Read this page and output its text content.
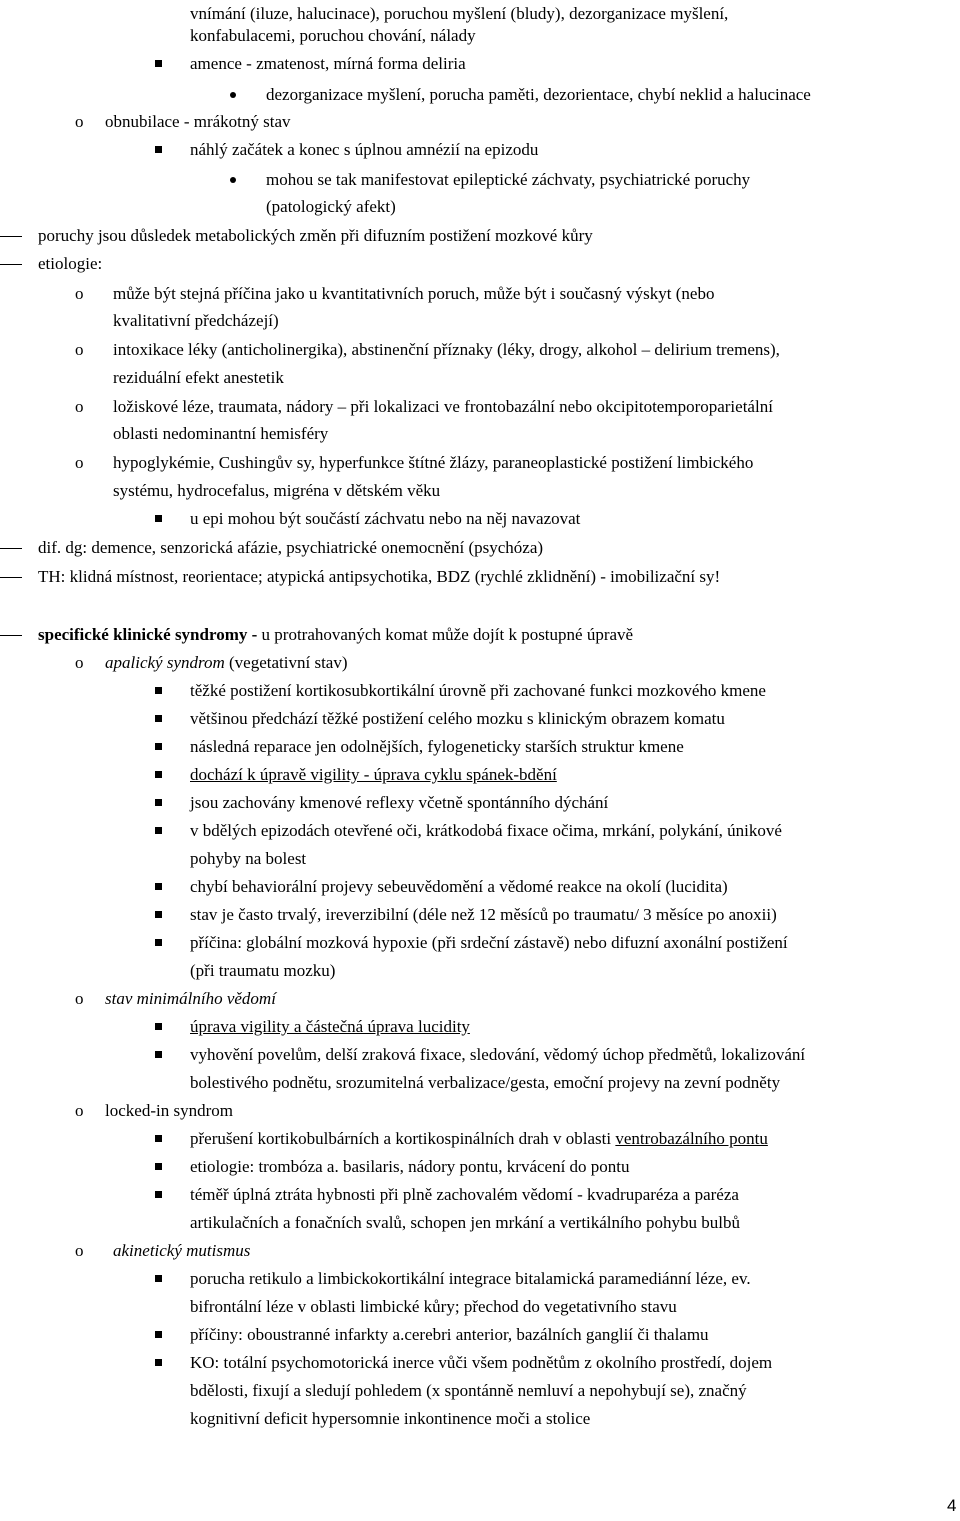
vnímání (iluze, halucinace), poruchou myšlení (bludy), dezorganizace myšlení,
konfabulacemi, poruchou chování, nálady
amence - zmatenost, mírná forma deliria
dezorganizace myšlení, porucha paměti, dezorientace, chybí neklid a halucinace
o obnubilace - mrákotný stav
náhlý začátek a konec s úplnou amnézií na epizodu
mohou se tak manifestovat epileptické záchvaty, psychiatrické poruchy
(patologický afekt)
poruchy jsou důsledek metabolických změn při difuzním postižení mozkové kůry
etiologie:
o může být stejná příčina jako u kvantitativních poruch, může být i současný výskyt (nebo
kvalitativní předcházejí)
o intoxikace léky (anticholinergika), abstinenční příznaky (léky, drogy, alkohol – delirium tremens),
reziduální efekt anestetik
o ložiskové léze, traumata, nádory – při lokalizaci ve frontobazální nebo okcipitotemporoparietální
oblasti nedominantní hemisféry
o hypoglykémie, Cushingův sy, hyperfunkce štítné žlázy, paraneoplastické postižení limbického
systému, hydrocefalus, migréna v dětském věku
u epi mohou být součástí záchvatu nebo na něj navazovat
dif. dg: demence, senzorická afázie, psychiatrické onemocnění (psychóza)
TH: klidná místnost, reorientace; atypická antipsychotika, BDZ (rychlé zklidnění) - imobilizační sy!
specifické klinické syndromy - u protrahovaných komat může dojít k postupné úpravě
o apalický syndrom (vegetativní stav)
těžké postižení kortikosubkortikální úrovně při zachované funkci mozkového kmene
většinou předchází těžké postižení celého mozku s klinickým obrazem komatu
následná reparace jen odolnějších, fylogeneticky starších struktur kmene
dochází k úpravě vigility - úprava cyklu spánek-bdění
jsou zachovány kmenové reflexy včetně spontánního dýchání
v bdělých epizodách otevřené oči, krátkodobá fixace očima, mrkání, polykání, únikové
pohyby na bolest
chybí behaviorální projevy sebeuvědomění a vědomé reakce na okolí (lucidita)
stav je často trvalý, ireverzibilní (déle než 12 měsíců po traumatu/ 3 měsíce po anoxii)
příčina: globální mozková hypoxie (při srdeční zástavě) nebo difuzní axonální postižení
(při traumatu mozku)
o stav minimálního vědomí
úprava vigility a částečná úprava lucidity
vyhovění povelům, delší zraková fixace, sledování, vědomý úchop předmětů, lokalizování
bolestivého podnětu, srozumitelná verbalizace/gesta, emoční projevy na zevní podněty
o locked-in syndrom
přerušení kortikobulbárních a kortikospinálních drah v oblasti ventrobazálního pontu
etiologie: trombóza a. basilaris, nádory pontu, krvácení do pontu
téměř úplná ztráta hybnosti při plně zachovalém vědomí - kvadruparéza a paréza
artikulačních a fonačních svalů, schopen jen mrkání a vertikálního pohybu bulbů
o akinetický mutismus
porucha retikulo a limbickokortikální integrace bitalamická paramediánní léze, ev.
bifrontální léze v oblasti limbické kůry; přechod do vegetativního stavu
příčiny: oboustranné infarkty a.cerebri anterior, bazálních ganglií či thalamu
KO: totální psychomotorická inerce vůči všem podnětům z okolního prostředí, dojem
bdělosti, fixují a sledují pohledem (x spontánně nemluví a nepohybují se), značný
kognitivní deficit hypersomnie inkontinence moči a stolice
4
